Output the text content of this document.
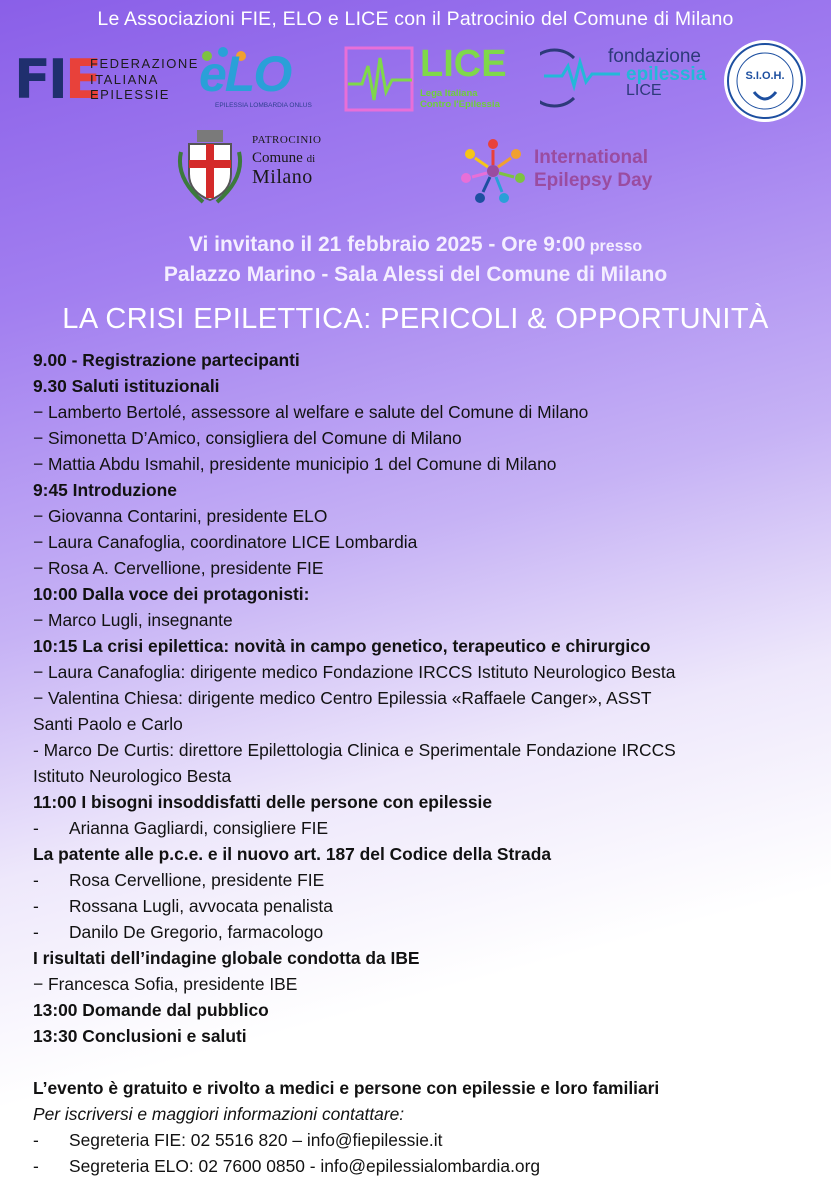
Le Associazioni FIE, ELO e LICE con il Patrocinio del Comune di Milano
FIE
FEDERAZIONE
ITALIANA
EPILESSIE eLO
EPILESSIA LOMBARDIA ONLUS
LICE
Lega Italiana
Contro l'Epilessia
fondazione
epilessia
LICE
S.I.O.H.
PATROCINIO
Comune di
Milano
International
Epilepsy Day
Vi invitano il 21 febbraio 2025 - Ore 9:00 presso
Palazzo Marino - Sala Alessi del Comune di Milano
LA CRISI EPILETTICA: PERICOLI & OPPORTUNITÀ
9.00 - Registrazione partecipanti
9.30 Saluti istituzionali
− Lamberto Bertolé, assessore al welfare e salute del Comune di Milano
− Simonetta D’Amico, consigliera del Comune di Milano
− Mattia Abdu Ismahil, presidente municipio 1 del Comune di Milano
9:45 Introduzione
− Giovanna Contarini, presidente ELO
− Laura Canafoglia, coordinatore LICE Lombardia
− Rosa A. Cervellione, presidente FIE
10:00 Dalla voce dei protagonisti:
− Marco Lugli, insegnante
10:15 La crisi epilettica: novità in campo genetico, terapeutico e chirurgico
− Laura Canafoglia: dirigente medico Fondazione IRCCS Istituto Neurologico Besta
− Valentina Chiesa: dirigente medico Centro Epilessia «Raffaele Canger», ASST
Santi Paolo e Carlo
- Marco De Curtis: direttore Epilettologia Clinica e Sperimentale Fondazione IRCCS
Istituto Neurologico Besta
11:00 I bisogni insoddisfatti delle persone con epilessie
- Arianna Gagliardi, consigliere FIE
La patente alle p.c.e. e il nuovo art. 187 del Codice della Strada
- Rosa Cervellione, presidente FIE
- Rossana Lugli, avvocata penalista
- Danilo De Gregorio, farmacologo
I risultati dell’indagine globale condotta da IBE
− Francesca Sofia, presidente IBE
13:00 Domande dal pubblico
13:30 Conclusioni e saluti
L’evento è gratuito e rivolto a medici e persone con epilessie e loro familiari
Per iscriversi e maggiori informazioni contattare:
- Segreteria FIE: 02 5516 820 – info@fiepilessie.it
- Segreteria ELO: 02 7600 0850 - info@epilessialombardia.org
